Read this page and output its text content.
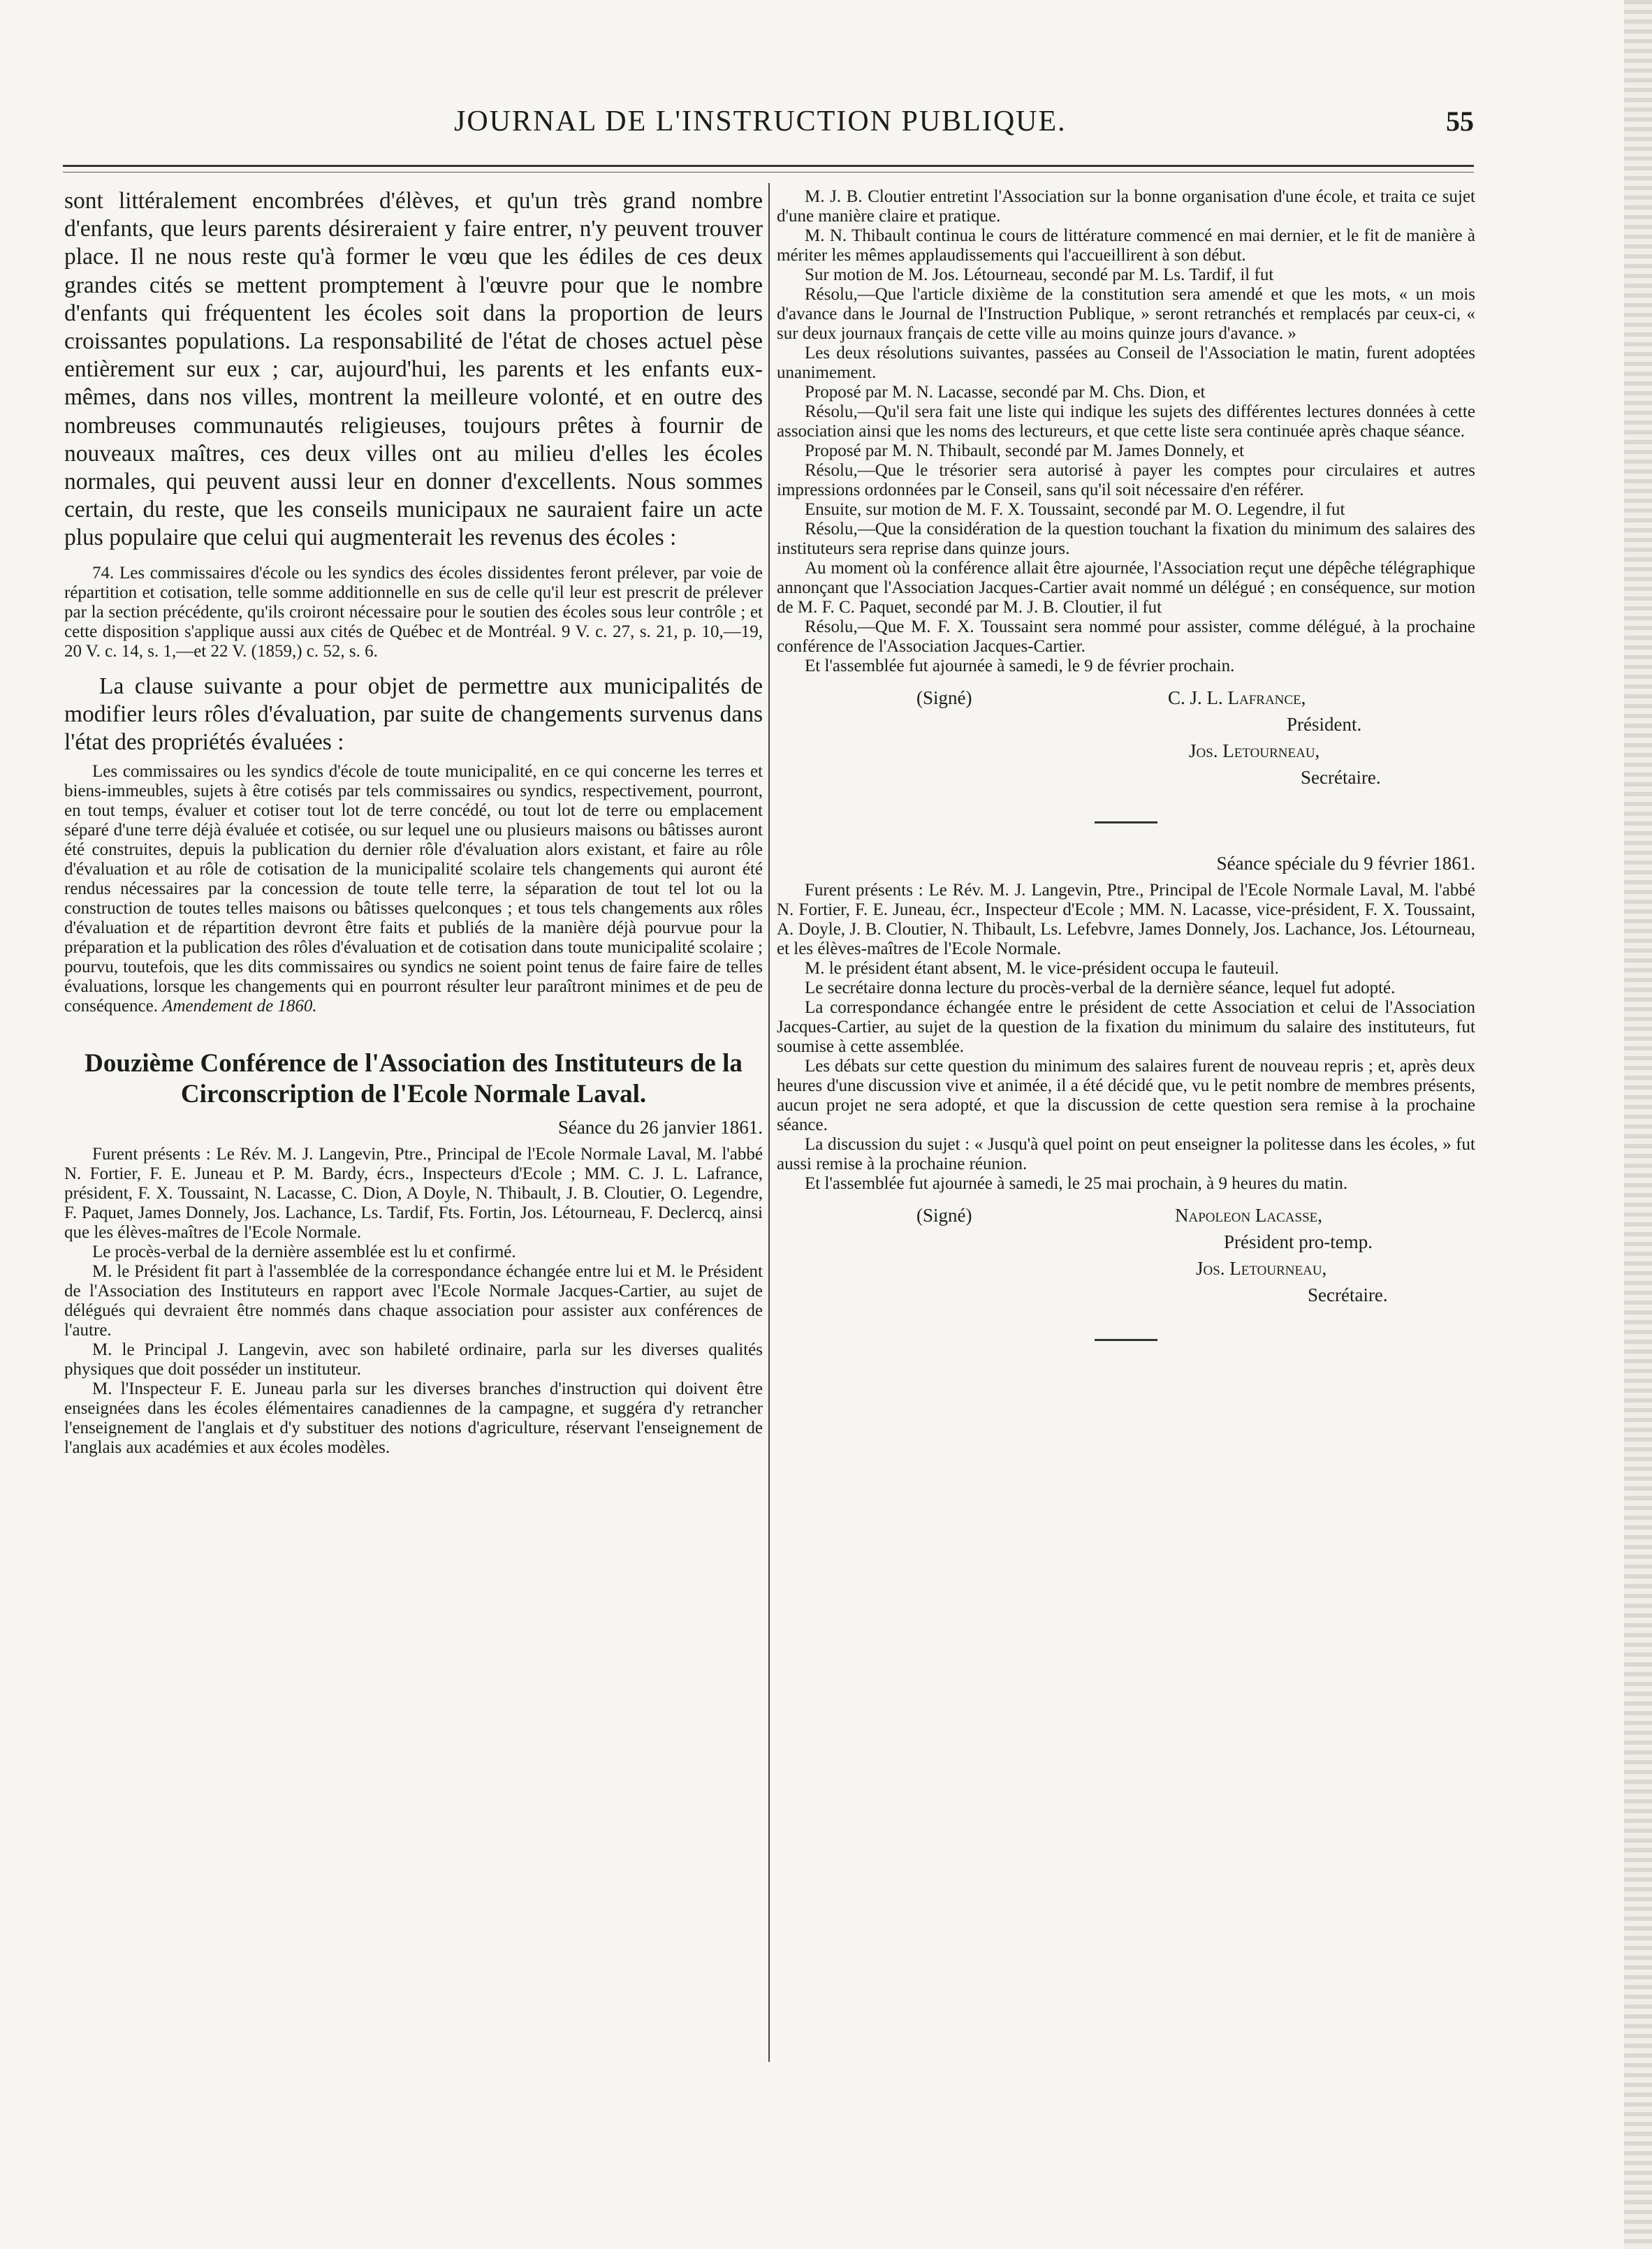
JOURNAL DE L'INSTRUCTION PUBLIQUE.	55

sont littéralement encombrées d'élèves, et qu'un très grand nombre d'enfants, que leurs parents désireraient y faire entrer, n'y peuvent trouver place. Il ne nous reste qu'à former le vœu que les édiles de ces deux grandes cités se mettent promptement à l'œuvre pour que le nombre d'enfants qui fréquentent les écoles soit dans la proportion de leurs croissantes populations. La responsabilité de l'état de choses actuel pèse entièrement sur eux ; car, aujourd'hui, les parents et les enfants eux-mêmes, dans nos villes, montrent la meilleure volonté, et en outre des nombreuses communautés religieuses, toujours prêtes à fournir de nouveaux maîtres, ces deux villes ont au milieu d'elles les écoles normales, qui peuvent aussi leur en donner d'excellents. Nous sommes certain, du reste, que les conseils municipaux ne sauraient faire un acte plus populaire que celui qui augmenterait les revenus des écoles :

74. Les commissaires d'école ou les syndics des écoles dissidentes feront prélever, par voie de répartition et cotisation, telle somme additionnelle en sus de celle qu'il leur est prescrit de prélever par la section précédente, qu'ils croiront nécessaire pour le soutien des écoles sous leur contrôle ; et cette disposition s'applique aussi aux cités de Québec et de Montréal. 9 V. c. 27, s. 21, p. 10,—19, 20 V. c. 14, s. 1,—et 22 V. (1859,) c. 52, s. 6.

La clause suivante a pour objet de permettre aux municipalités de modifier leurs rôles d'évaluation, par suite de changements survenus dans l'état des propriétés évaluées :

Les commissaires ou les syndics d'école de toute municipalité, en ce qui concerne les terres et biens-immeubles, sujets à être cotisés par tels commissaires ou syndics, respectivement, pourront, en tout temps, évaluer et cotiser tout lot de terre concédé, ou tout lot de terre ou emplacement séparé d'une terre déjà évaluée et cotisée, ou sur lequel une ou plusieurs maisons ou bâtisses auront été construites, depuis la publication du dernier rôle d'évaluation alors existant, et faire au rôle d'évaluation et au rôle de cotisation de la municipalité scolaire tels changements qui auront été rendus nécessaires par la concession de toute telle terre, la séparation de tout tel lot ou la construction de toutes telles maisons ou bâtisses quelconques ; et tous tels changements aux rôles d'évaluation et de répartition devront être faits et publiés de la manière déjà pourvue pour la préparation et la publication des rôles d'évaluation et de cotisation dans toute municipalité scolaire ; pourvu, toutefois, que les dits commissaires ou syndics ne soient point tenus de faire faire de telles évaluations, lorsque les changements qui en pourront résulter leur paraîtront minimes et de peu de conséquence. Amendement de 1860.

Douzième Conférence de l'Association des Instituteurs de la Circonscription de l'Ecole Normale Laval.

Séance du 26 janvier 1861.

Furent présents : Le Rév. M. J. Langevin, Ptre., Principal de l'Ecole Normale Laval, M. l'abbé N. Fortier, F. E. Juneau et P. M. Bardy, écrs., Inspecteurs d'Ecole ; MM. C. J. L. Lafrance, président, F. X. Toussaint, N. Lacasse, C. Dion, A Doyle, N. Thibault, J. B. Cloutier, O. Legendre, F. Paquet, James Donnely, Jos. Lachance, Ls. Tardif, Fts. Fortin, Jos. Létourneau, F. Declercq, ainsi que les élèves-maîtres de l'Ecole Normale.

Le procès-verbal de la dernière assemblée est lu et confirmé.

M. le Président fit part à l'assemblée de la correspondance échangée entre lui et M. le Président de l'Association des Instituteurs en rapport avec l'Ecole Normale Jacques-Cartier, au sujet de délégués qui devraient être nommés dans chaque association pour assister aux conférences de l'autre.

M. le Principal J. Langevin, avec son habileté ordinaire, parla sur les diverses qualités physiques que doit posséder un instituteur.

M. l'Inspecteur F. E. Juneau parla sur les diverses branches d'instruction qui doivent être enseignées dans les écoles élémentaires canadiennes de la campagne, et suggéra d'y retrancher l'enseignement de l'anglais et d'y substituer des notions d'agriculture, réservant l'enseignement de l'anglais aux académies et aux écoles modèles.

M. J. B. Cloutier entretint l'Association sur la bonne organisation d'une école, et traita ce sujet d'une manière claire et pratique.

M. N. Thibault continua le cours de littérature commencé en mai dernier, et le fit de manière à mériter les mêmes applaudissements qui l'accueillirent à son début.

Sur motion de M. Jos. Létourneau, secondé par M. Ls. Tardif, il fut

Résolu,—Que l'article dixième de la constitution sera amendé et que les mots, « un mois d'avance dans le Journal de l'Instruction Publique, » seront retranchés et remplacés par ceux-ci, « sur deux journaux français de cette ville au moins quinze jours d'avance. »

Les deux résolutions suivantes, passées au Conseil de l'Association le matin, furent adoptées unanimement.

Proposé par M. N. Lacasse, secondé par M. Chs. Dion, et

Résolu,—Qu'il sera fait une liste qui indique les sujets des différentes lectures données à cette association ainsi que les noms des lectureurs, et que cette liste sera continuée après chaque séance.

Proposé par M. N. Thibault, secondé par M. James Donnely, et

Résolu,—Que le trésorier sera autorisé à payer les comptes pour circulaires et autres impressions ordonnées par le Conseil, sans qu'il soit nécessaire d'en référer.

Ensuite, sur motion de M. F. X. Toussaint, secondé par M. O. Legendre, il fut

Résolu,—Que la considération de la question touchant la fixation du minimum des salaires des instituteurs sera reprise dans quinze jours.

Au moment où la conférence allait être ajournée, l'Association reçut une dépêche télégraphique annonçant que l'Association Jacques-Cartier avait nommé un délégué ; en conséquence, sur motion de M. F. C. Paquet, secondé par M. J. B. Cloutier, il fut

Résolu,—Que M. F. X. Toussaint sera nommé pour assister, comme délégué, à la prochaine conférence de l'Association Jacques-Cartier.

Et l'assemblée fut ajournée à samedi, le 9 de février prochain.

(Signé)	C. J. L. Lafrance,
Président.
Jos. Letourneau,
Secrétaire.

Séance spéciale du 9 février 1861.

Furent présents : Le Rév. M. J. Langevin, Ptre., Principal de l'Ecole Normale Laval, M. l'abbé N. Fortier, F. E. Juneau, écr., Inspecteur d'Ecole ; MM. N. Lacasse, vice-président, F. X. Toussaint, A. Doyle, J. B. Cloutier, N. Thibault, Ls. Lefebvre, James Donnely, Jos. Lachance, Jos. Létourneau, et les élèves-maîtres de l'Ecole Normale.

M. le président étant absent, M. le vice-président occupa le fauteuil.

Le secrétaire donna lecture du procès-verbal de la dernière séance, lequel fut adopté.

La correspondance échangée entre le président de cette Association et celui de l'Association Jacques-Cartier, au sujet de la question de la fixation du minimum du salaire des instituteurs, fut soumise à cette assemblée.

Les débats sur cette question du minimum des salaires furent de nouveau repris ; et, après deux heures d'une discussion vive et animée, il a été décidé que, vu le petit nombre de membres présents, aucun projet ne sera adopté, et que la discussion de cette question sera remise à la prochaine séance.

La discussion du sujet : « Jusqu'à quel point on peut enseigner la politesse dans les écoles, » fut aussi remise à la prochaine réunion.

Et l'assemblée fut ajournée à samedi, le 25 mai prochain, à 9 heures du matin.

(Signé)	Napoleon Lacasse,
Président pro-temp.
Jos. Letourneau,
Secrétaire.
